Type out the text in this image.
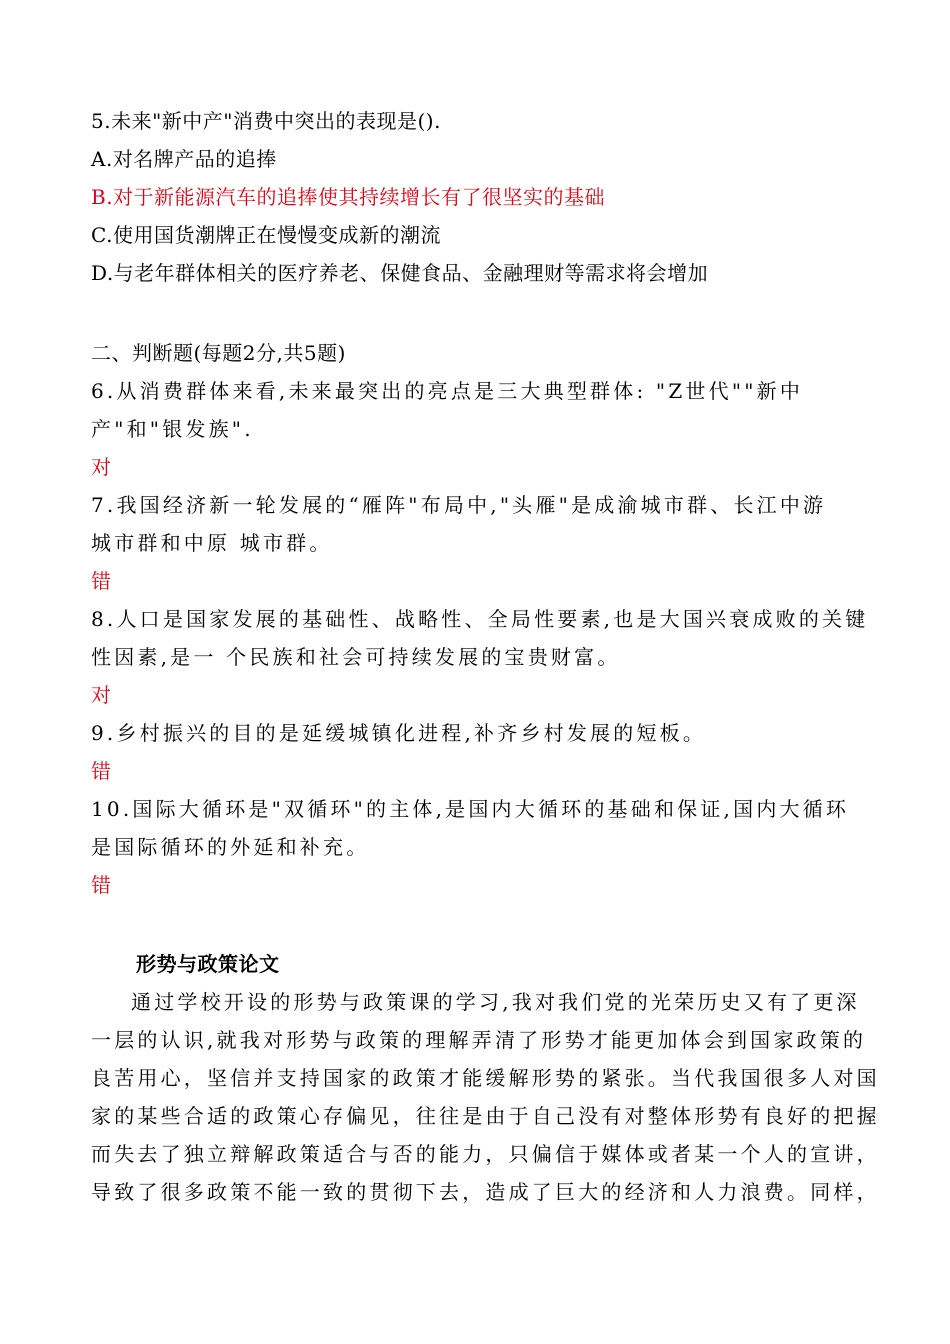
5.未来"新中产"消费中突出的表现是().
A.对名牌产品的追捧
B.对于新能源汽车的追捧使其持续增长有了很坚实的基础
C.使用国货潮牌正在慢慢变成新的潮流
D.与老年群体相关的医疗养老、保健食品、金融理财等需求将会增加
二、判断题(每题2分,共5题)
6.从消费群体来看,未来最突出的亮点是三大典型群体: "Z世代""新中
产"和"银发族".
对
7.我国经济新一轮发展的“雁阵"布局中,"头雁"是成渝城市群、长江中游
城市群和中原 城市群。
错
8.人口是国家发展的基础性、战略性、全局性要素,也是大国兴衰成败的关键
性因素,是一 个民族和社会可持续发展的宝贵财富。
对
9.乡村振兴的目的是延缓城镇化进程,补齐乡村发展的短板。
错
10.国际大循环是"双循环"的主体,是国内大循环的基础和保证,国内大循环
是国际循环的外延和补充。
错
形势与政策论文
通过学校开设的形势与政策课的学习,我对我们党的光荣历史又有了更深
一层的认识,就我对形势与政策的理解弄清了形势才能更加体会到国家政策的
良苦用心，坚信并支持国家的政策才能缓解形势的紧张。当代我国很多人对国
家的某些合适的政策心存偏见，往往是由于自己没有对整体形势有良好的把握
而失去了独立辩解政策适合与否的能力，只偏信于媒体或者某一个人的宣讲，
导致了很多政策不能一致的贯彻下去，造成了巨大的经济和人力浪费。同样，
